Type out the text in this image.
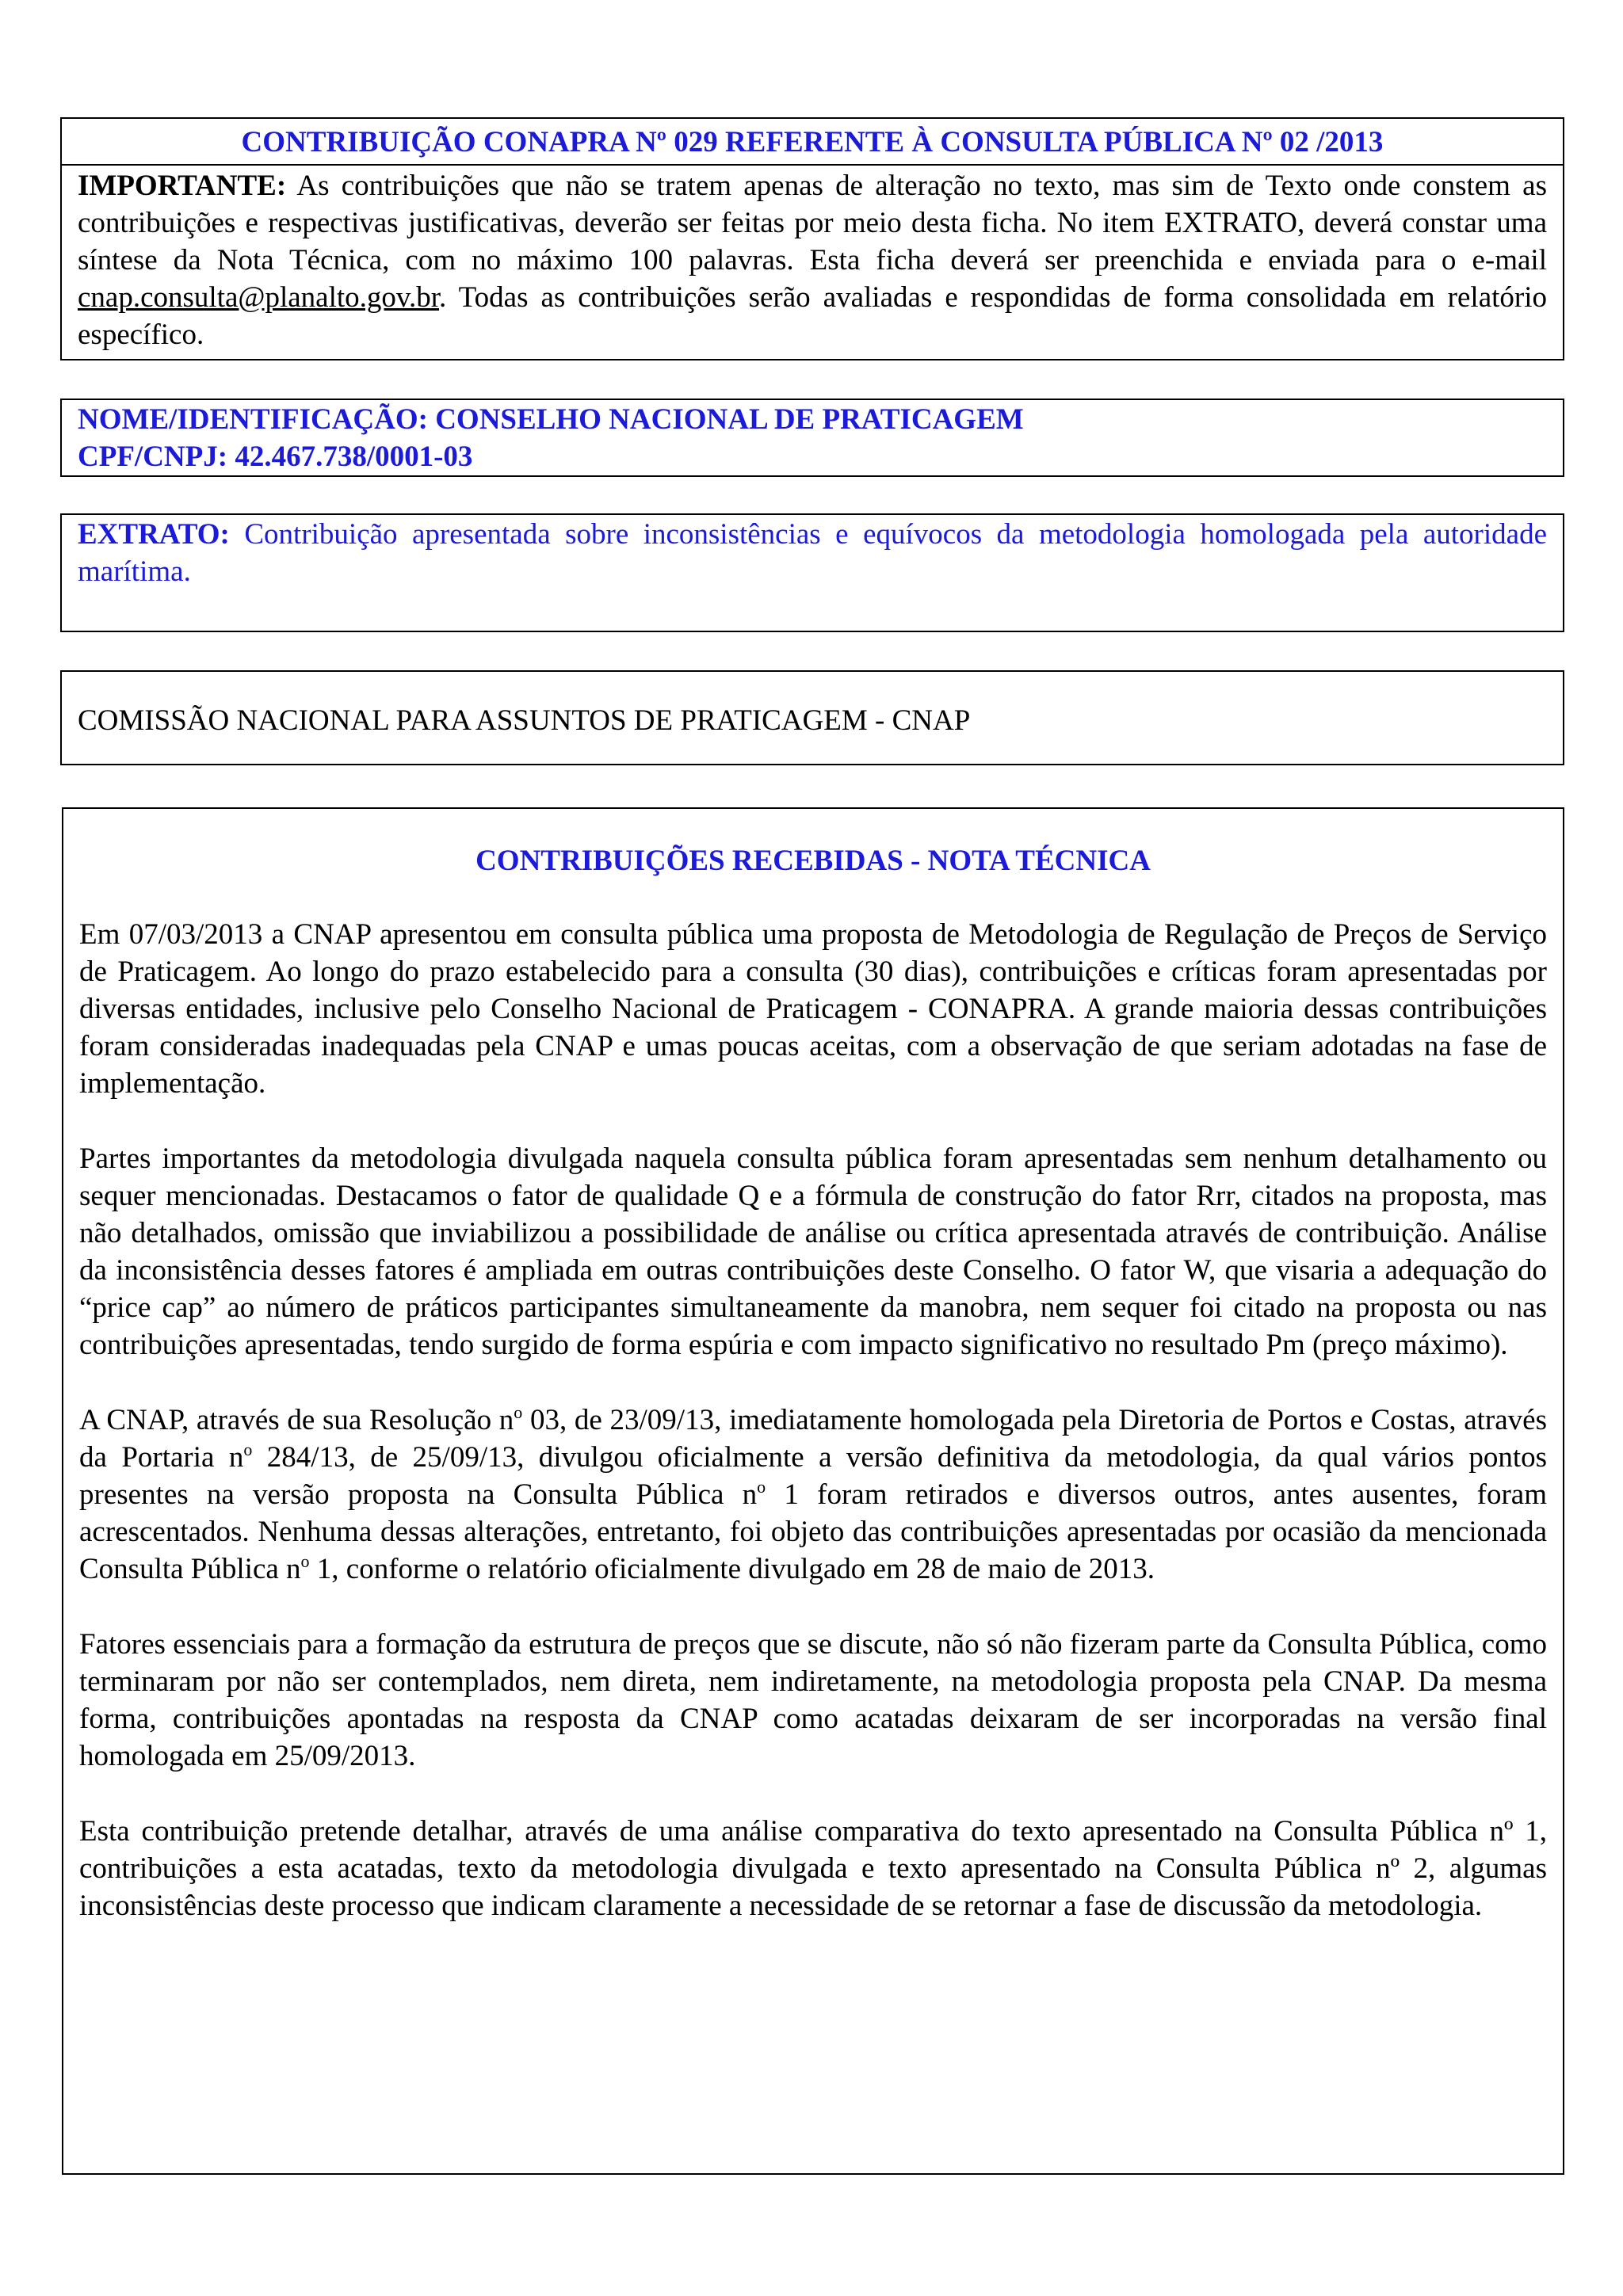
CONTRIBUIÇÃO CONAPRA Nº 029 REFERENTE À CONSULTA PÚBLICA Nº 02 /2013

IMPORTANTE: As contribuições que não se tratem apenas de alteração no texto, mas sim de Texto onde constem as contribuições e respectivas justificativas, deverão ser feitas por meio desta ficha. No item EXTRATO, deverá constar uma síntese da Nota Técnica, com no máximo 100 palavras. Esta ficha deverá ser preenchida e enviada para o e-mail cnap.consulta@planalto.gov.br. Todas as contribuições serão avaliadas e respondidas de forma consolidada em relatório específico.

NOME/IDENTIFICAÇÃO: CONSELHO NACIONAL DE PRATICAGEM

CPF/CNPJ: 42.467.738/0001-03

EXTRATO: Contribuição apresentada sobre inconsistências e equívocos da metodologia homologada pela autoridade marítima.

COMISSÃO NACIONAL PARA ASSUNTOS DE PRATICAGEM - CNAP

CONTRIBUIÇÕES RECEBIDAS - NOTA TÉCNICA

Em 07/03/2013 a CNAP apresentou em consulta pública uma proposta de Metodologia de Regulação de Preços de Serviço de Praticagem. Ao longo do prazo estabelecido para a consulta (30 dias), contribuições e críticas foram apresentadas por diversas entidades, inclusive pelo Conselho Nacional de Praticagem - CONAPRA. A grande maioria dessas contribuições foram consideradas inadequadas pela CNAP e umas poucas aceitas, com a observação de que seriam adotadas na fase de implementação.

Partes importantes da metodologia divulgada naquela consulta pública foram apresentadas sem nenhum detalhamento ou sequer mencionadas. Destacamos o fator de qualidade Q e a fórmula de construção do fator Rrr, citados na proposta, mas não detalhados, omissão que inviabilizou a possibilidade de análise ou crítica apresentada através de contribuição. Análise da inconsistência desses fatores é ampliada em outras contribuições deste Conselho. O fator W, que visaria a adequação do “price cap” ao número de práticos participantes simultaneamente da manobra, nem sequer foi citado na proposta ou nas contribuições apresentadas, tendo surgido de forma espúria e com impacto significativo no resultado Pm (preço máximo).

A CNAP, através de sua Resolução $n^o$ 03, de 23/09/13, imediatamente homologada pela Diretoria de Portos e Costas, através da Portaria $n^o$ 284/13, de 25/09/13, divulgou oficialmente a versão definitiva da metodologia, da qual vários pontos presentes na versão proposta na Consulta Pública $n^o$ 1 foram retirados e diversos outros, antes ausentes, foram acrescentados. Nenhuma dessas alterações, entretanto, foi objeto das contribuições apresentadas por ocasião da mencionada Consulta Pública $n^o$ 1, conforme o relatório oficialmente divulgado em 28 de maio de 2013.

Fatores essenciais para a formação da estrutura de preços que se discute, não só não fizeram parte da Consulta Pública, como terminaram por não ser contemplados, nem direta, nem indiretamente, na metodologia proposta pela CNAP. Da mesma forma, contribuições apontadas na resposta da CNAP como acatadas deixaram de ser incorporadas na versão final homologada em 25/09/2013.

Esta contribuição pretende detalhar, através de uma análise comparativa do texto apresentado na Consulta Pública nº 1, contribuições a esta acatadas, texto da metodologia divulgada e texto apresentado na Consulta Pública nº 2, algumas inconsistências deste processo que indicam claramente a necessidade de se retornar a fase de discussão da metodologia.
